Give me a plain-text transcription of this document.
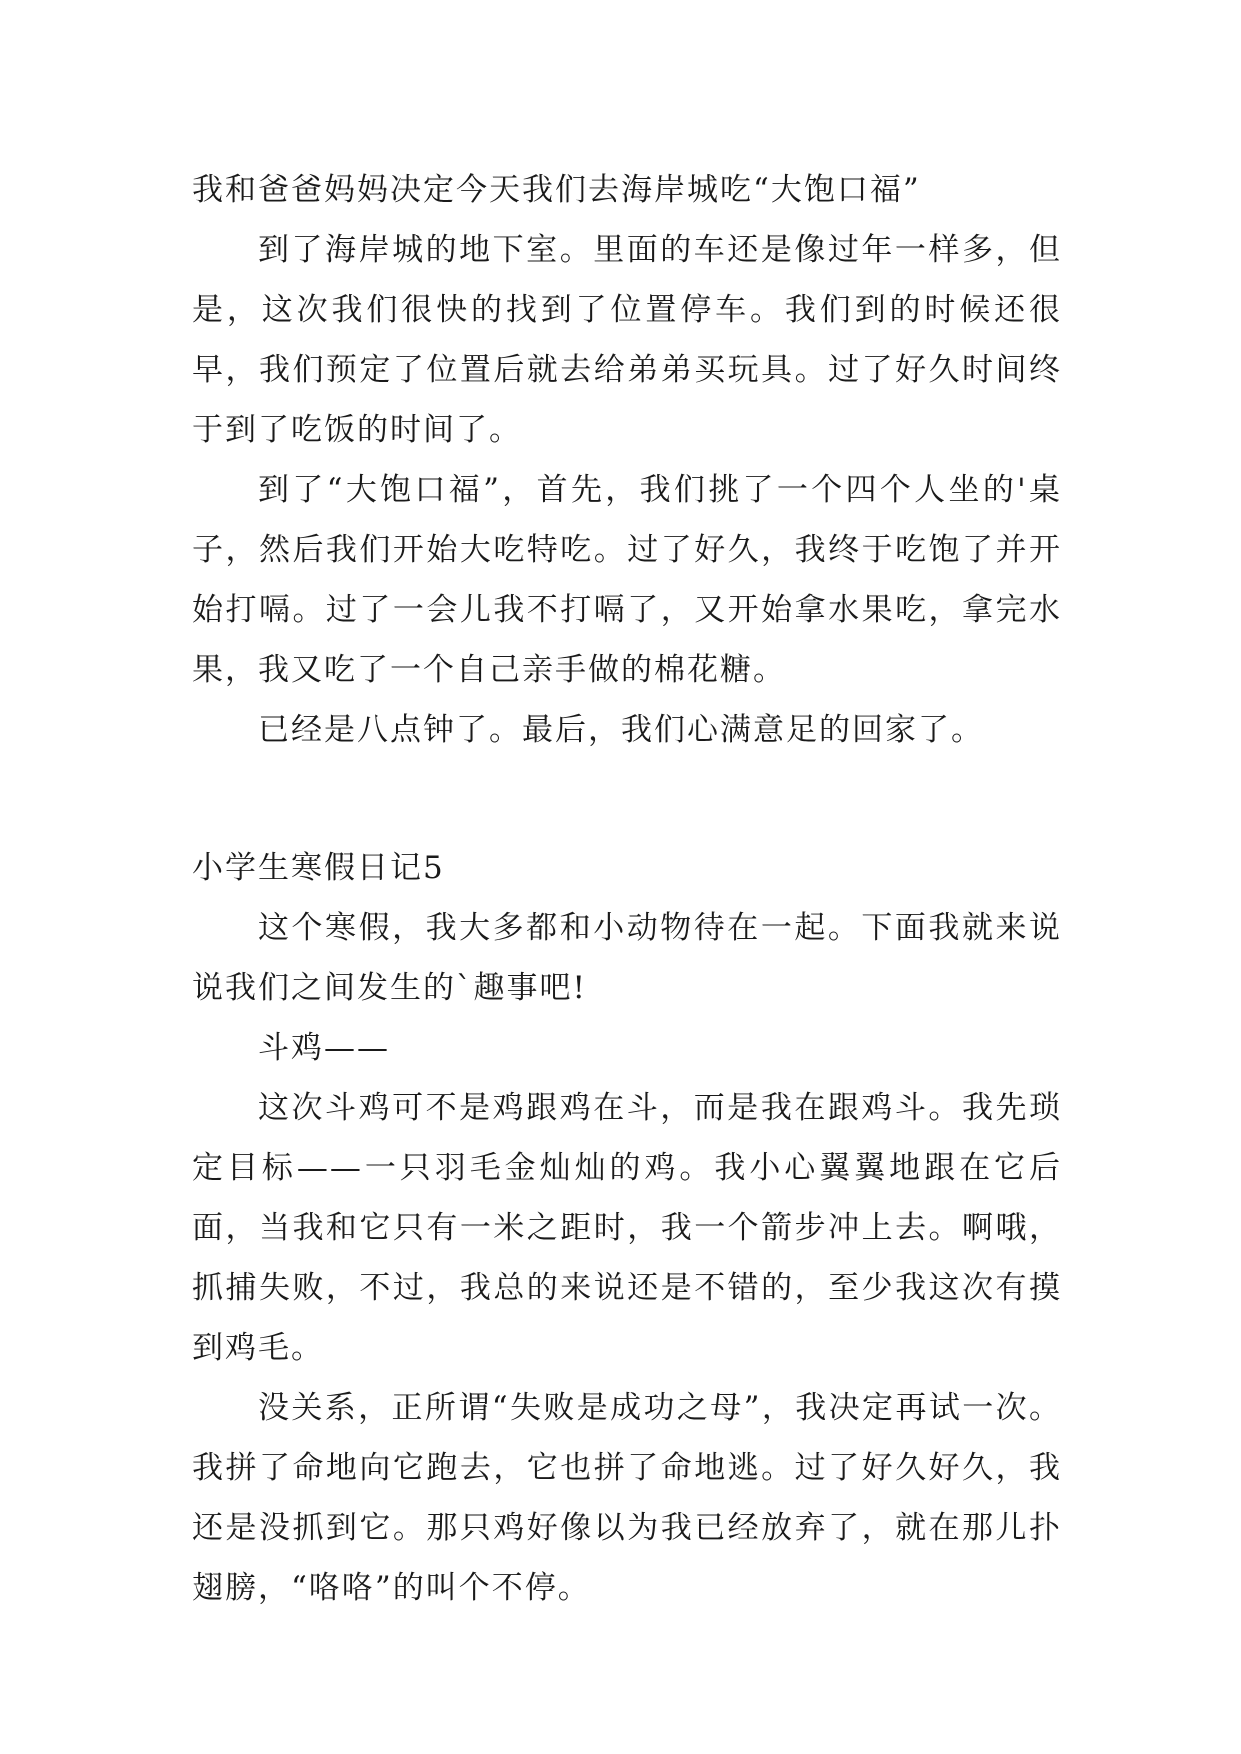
我和爸爸妈妈决定今天我们去海岸城吃“大饱口福”

到了海岸城的地下室。里面的车还是像过年一样多，但是，这次我们很快的找到了位置停车。我们到的时候还很早，我们预定了位置后就去给弟弟买玩具。过了好久时间终于到了吃饭的时间了。

到了“大饱口福”，首先，我们挑了一个四个人坐的'桌子，然后我们开始大吃特吃。过了好久，我终于吃饱了并开始打嗝。过了一会儿我不打嗝了，又开始拿水果吃，拿完水果，我又吃了一个自己亲手做的棉花糖。

已经是八点钟了。最后，我们心满意足的回家了。

小学生寒假日记5

这个寒假，我大多都和小动物待在一起。下面我就来说说我们之间发生的`趣事吧!

斗鸡——

这次斗鸡可不是鸡跟鸡在斗，而是我在跟鸡斗。我先琐定目标——一只羽毛金灿灿的鸡。我小心翼翼地跟在它后面，当我和它只有一米之距时，我一个箭步冲上去。啊哦，抓捕失败，不过，我总的来说还是不错的，至少我这次有摸到鸡毛。

没关系，正所谓“失败是成功之母”，我决定再试一次。我拼了命地向它跑去，它也拼了命地逃。过了好久好久，我还是没抓到它。那只鸡好像以为我已经放弃了，就在那儿扑翅膀，“咯咯”的叫个不停。
